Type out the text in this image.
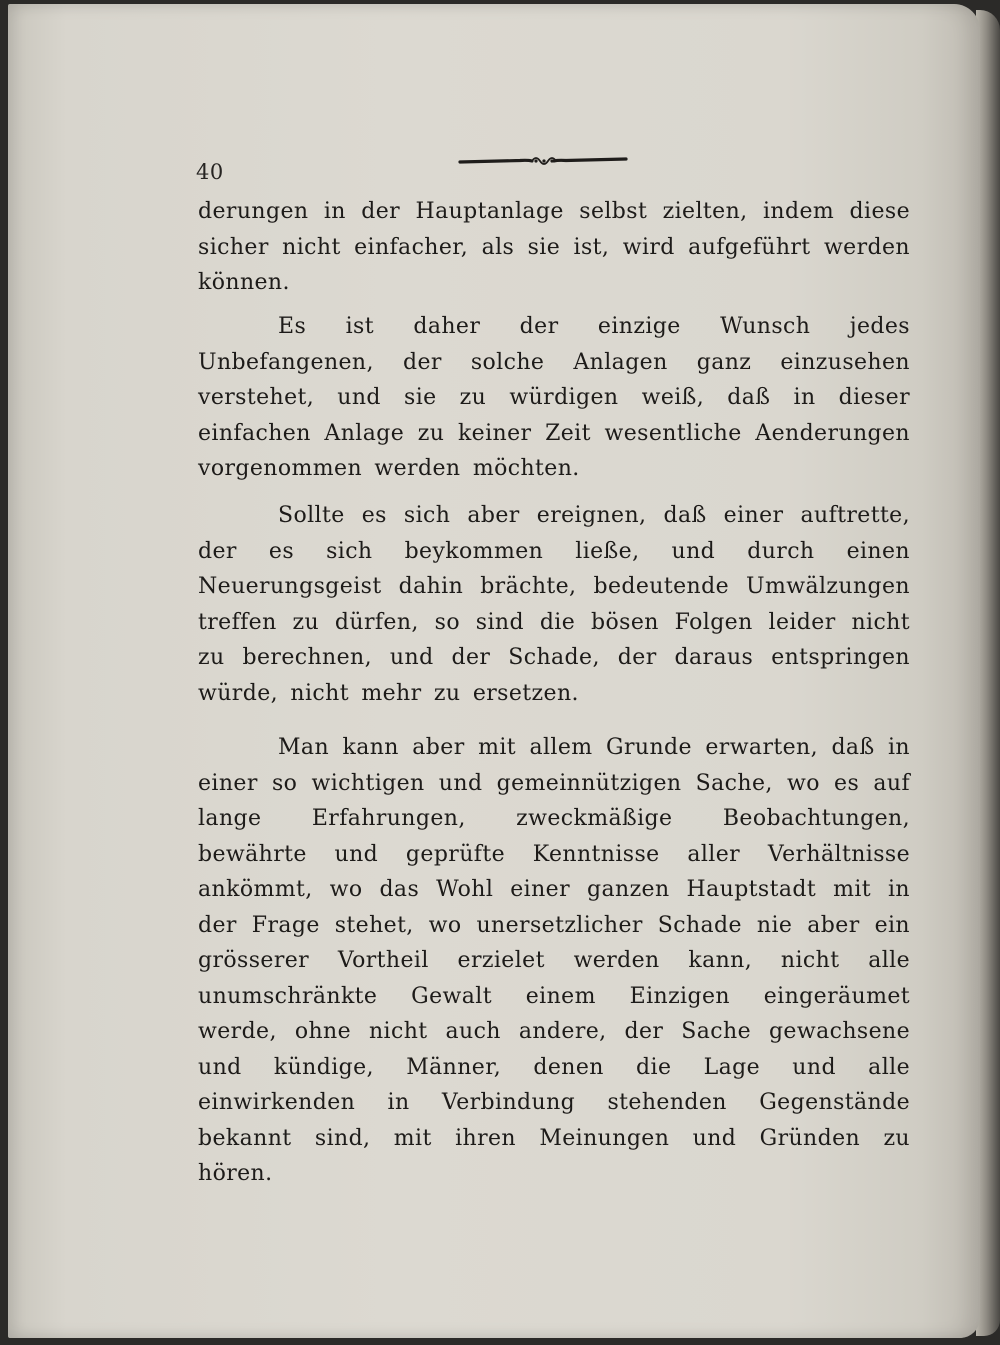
40

derungen in der Hauptanlage selbst zielten, indem diese sicher nicht einfacher, als sie ist, wird aufgeführt werden können.

Es ist daher der einzige Wunsch jedes Unbefangenen, der solche Anlagen ganz einzusehen verstehet, und sie zu würdigen weiß, daß in dieser einfachen Anlage zu keiner Zeit wesentliche Aenderungen vorgenommen werden möchten.

Sollte es sich aber ereignen, daß einer auftrette, der es sich beykommen ließe, und durch einen Neuerungsgeist dahin brächte, bedeutende Umwälzungen treffen zu dürfen, so sind die bösen Folgen leider nicht zu berechnen, und der Schade, der daraus entspringen würde, nicht mehr zu ersetzen.

Man kann aber mit allem Grunde erwarten, daß in einer so wichtigen und gemeinnützigen Sache, wo es auf lange Erfahrungen, zweckmäßige Beobachtungen, bewährte und geprüfte Kenntnisse aller Verhältnisse ankömmt, wo das Wohl einer ganzen Hauptstadt mit in der Frage stehet, wo unersetzlicher Schade nie aber ein grösserer Vortheil erzielet werden kann, nicht alle unumschränkte Gewalt einem Einzigen eingeräumet werde, ohne nicht auch andere, der Sache gewachsene und kündige, Männer, denen die Lage und alle einwirkenden in Verbindung stehenden Gegenstände bekannt sind, mit ihren Meinungen und Gründen zu hören.
